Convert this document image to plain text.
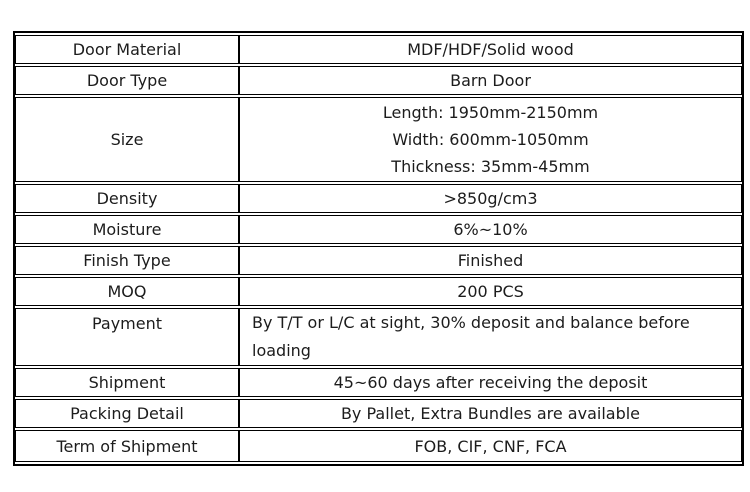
Door Material	MDF/HDF/Solid wood
Door Type	Barn Door
Size	Length: 1950mm-2150mm
Width: 600mm-1050mm
Thickness: 35mm-45mm

Density	>850g/cm3
Moisture	6%~10%
Finish Type	Finished
MOQ	200 PCS
Payment	By T/T or L/C at sight, 30% deposit and balance before loading
Shipment	45~60 days after receiving the deposit
Packing Detail	By Pallet, Extra Bundles are available
Term of Shipment	FOB, CIF, CNF, FCA
